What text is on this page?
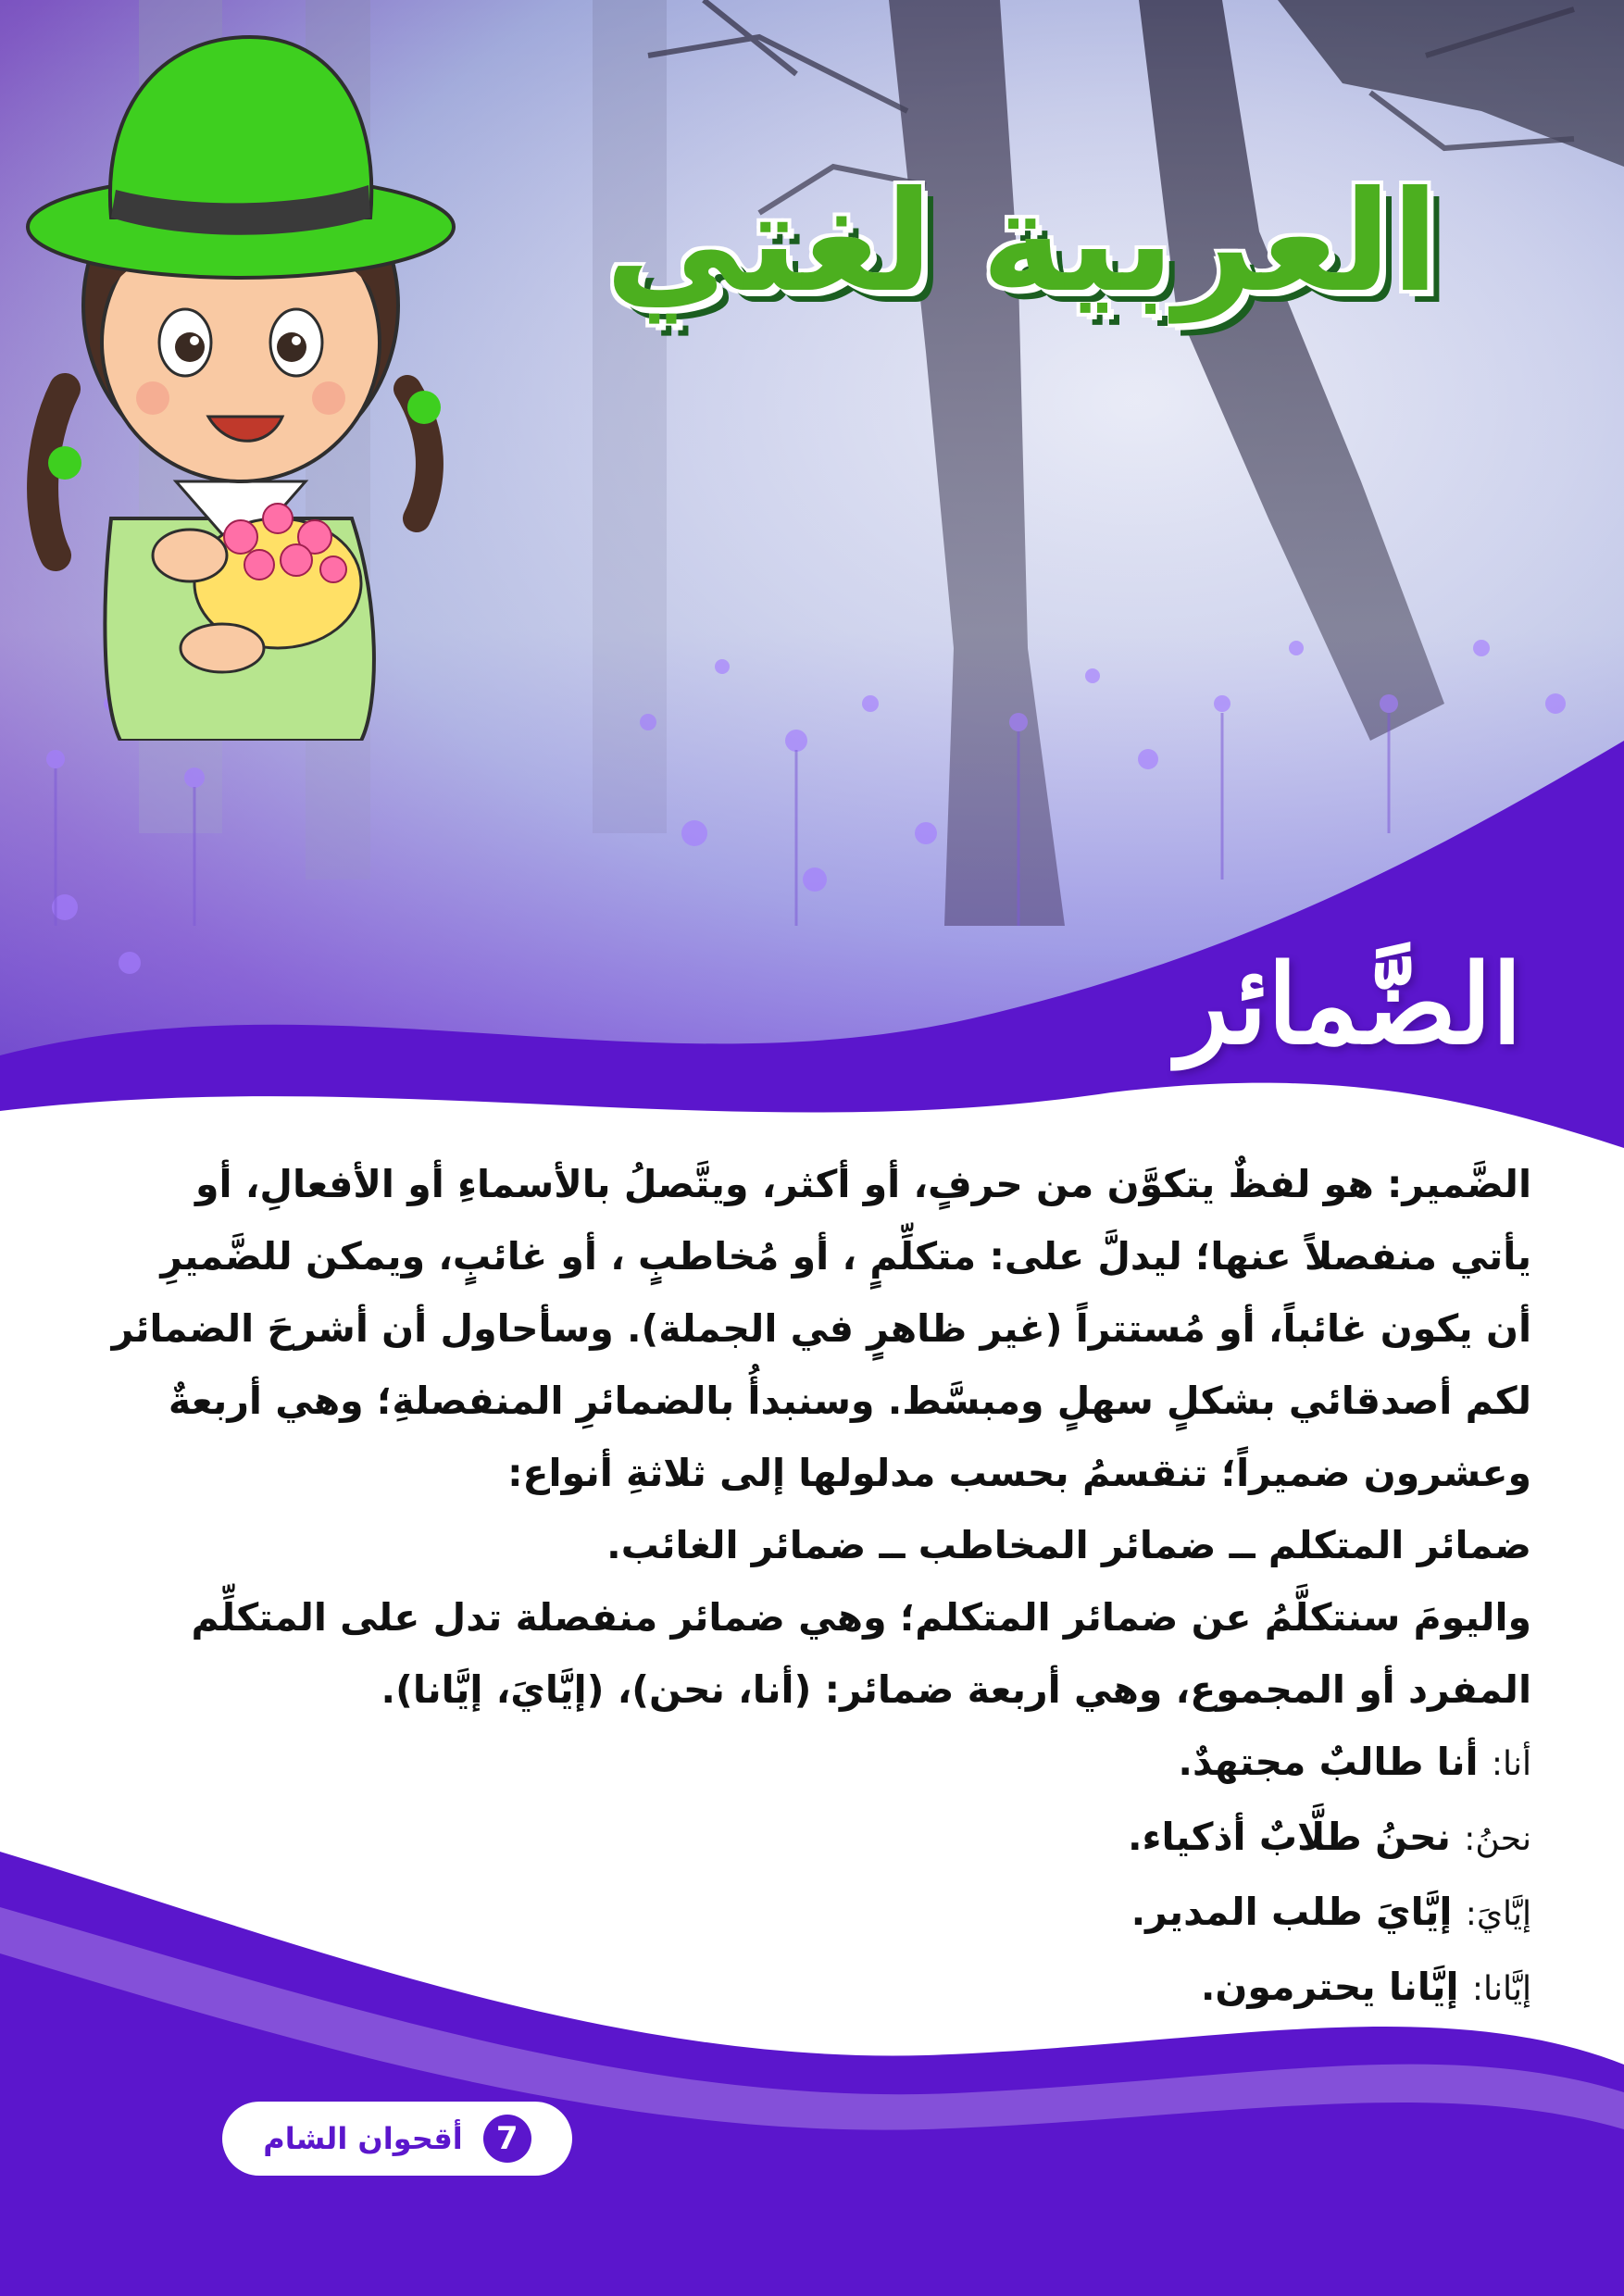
العربية لغتي
الضَّمائر

الضَّمير: هو لفظٌ يتكوَّن من حرفٍ، أو أكثر، ويتَّصلُ بالأسماءِ أو الأفعالِ، أو

يأتي منفصلاً عنها؛ ليدلَّ على: متكلِّمٍ ، أو مُخاطبٍ ، أو غائبٍ، ويمكن للضَّميرِ

أن يكون غائباً، أو مُستتراً (غير ظاهرٍ في الجملة). وسأحاول أن أشرحَ الضمائر

لكم أصدقائي بشكلٍ سهلٍ ومبسَّط. وسنبدأُ بالضمائرِ المنفصلةِ؛ وهي أربعةٌ

وعشرون ضميراً؛ تنقسمُ بحسب مدلولها إلى ثلاثةِ أنواع:

ضمائر المتكلم ــ ضمائر المخاطب ــ ضمائر الغائب.

واليومَ سنتكلَّمُ عن ضمائر المتكلم؛ وهي ضمائر منفصلة تدل على المتكلِّم

المفرد أو المجموع، وهي أربعة ضمائر: (أنا، نحن)، (إيَّايَ، إيَّانا).

أنا: أنا طالبٌ مجتهدٌ.

نحنُ: نحنُ طلَّابٌ أذكياء.

إيَّايَ: إيَّايَ طلب المدير.

إيَّانا: إيَّانا يحترمون.

7
أقحوان الشام
